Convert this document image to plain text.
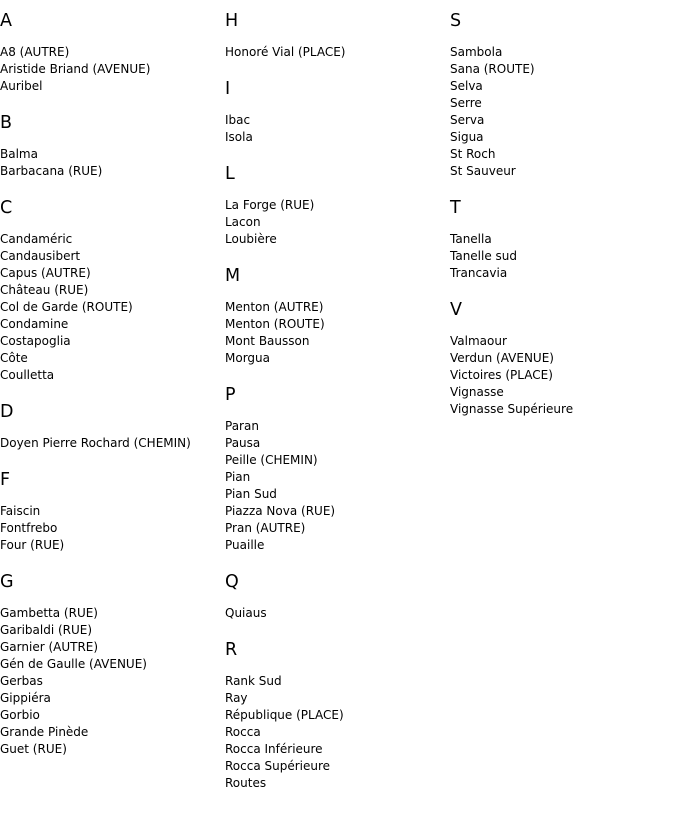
A
A8 (AUTRE)
Aristide Briand (AVENUE)
Auribel
B
Balma
Barbacana (RUE)
C
Candaméric
Candausibert
Capus (AUTRE)
Château (RUE)
Col de Garde (ROUTE)
Condamine
Costapoglia
Côte
Coulletta
D
Doyen Pierre Rochard (CHEMIN)
F
Faiscin
Fontfrebo
Four (RUE)
G
Gambetta (RUE)
Garibaldi (RUE)
Garnier (AUTRE)
Gén de Gaulle (AVENUE)
Gerbas
Gippiéra
Gorbio
Grande Pinède
Guet (RUE)
H
Honoré Vial (PLACE)
I
Ibac
Isola
L
La Forge (RUE)
Lacon
Loubière
M
Menton (AUTRE)
Menton (ROUTE)
Mont Bausson
Morgua
P
Paran
Pausa
Peille (CHEMIN)
Pian
Pian Sud
Piazza Nova (RUE)
Pran (AUTRE)
Puaille
Q
Quiaus
R
Rank Sud
Ray
République (PLACE)
Rocca
Rocca Inférieure
Rocca Supérieure
Routes
S
Sambola
Sana (ROUTE)
Selva
Serre
Serva
Sigua
St Roch
St Sauveur
T
Tanella
Tanelle sud
Trancavia
V
Valmaour
Verdun (AVENUE)
Victoires (PLACE)
Vignasse
Vignasse Supérieure
